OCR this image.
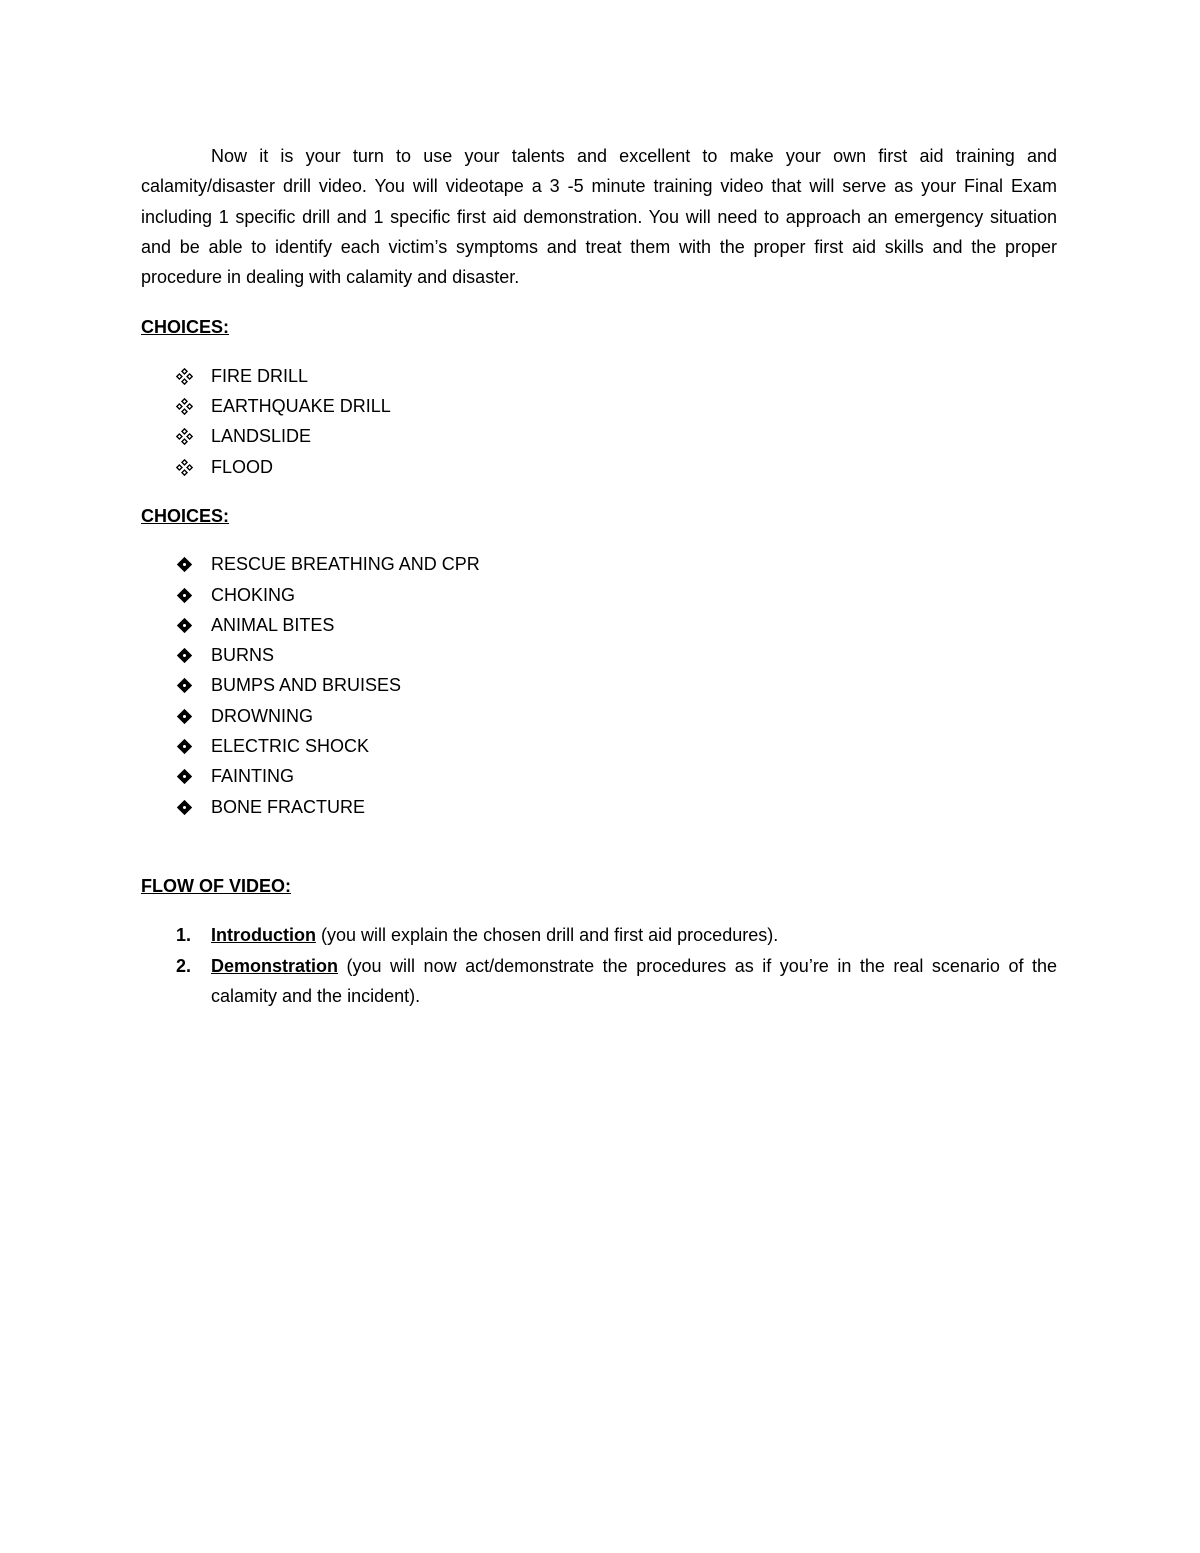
Now it is your turn to use your talents and excellent to make your own first aid training and calamity/disaster drill video. You will videotape a 3 -5 minute training video that will serve as your Final Exam including 1 specific drill and 1 specific first aid demonstration. You will need to approach an emergency situation and be able to identify each victim’s symptoms and treat them with the proper first aid skills and the proper procedure in dealing with calamity and disaster.

CHOICES:

FIRE DRILL
EARTHQUAKE DRILL
LANDSLIDE
FLOOD

CHOICES:

RESCUE BREATHING AND CPR
CHOKING
ANIMAL BITES
BURNS
BUMPS AND BRUISES
DROWNING
ELECTRIC SHOCK
FAINTING
BONE FRACTURE

FLOW OF VIDEO:

1. Introduction (you will explain the chosen drill and first aid procedures).
2. Demonstration (you will now act/demonstrate the procedures as if you’re in the real scenario of the calamity and the incident).
